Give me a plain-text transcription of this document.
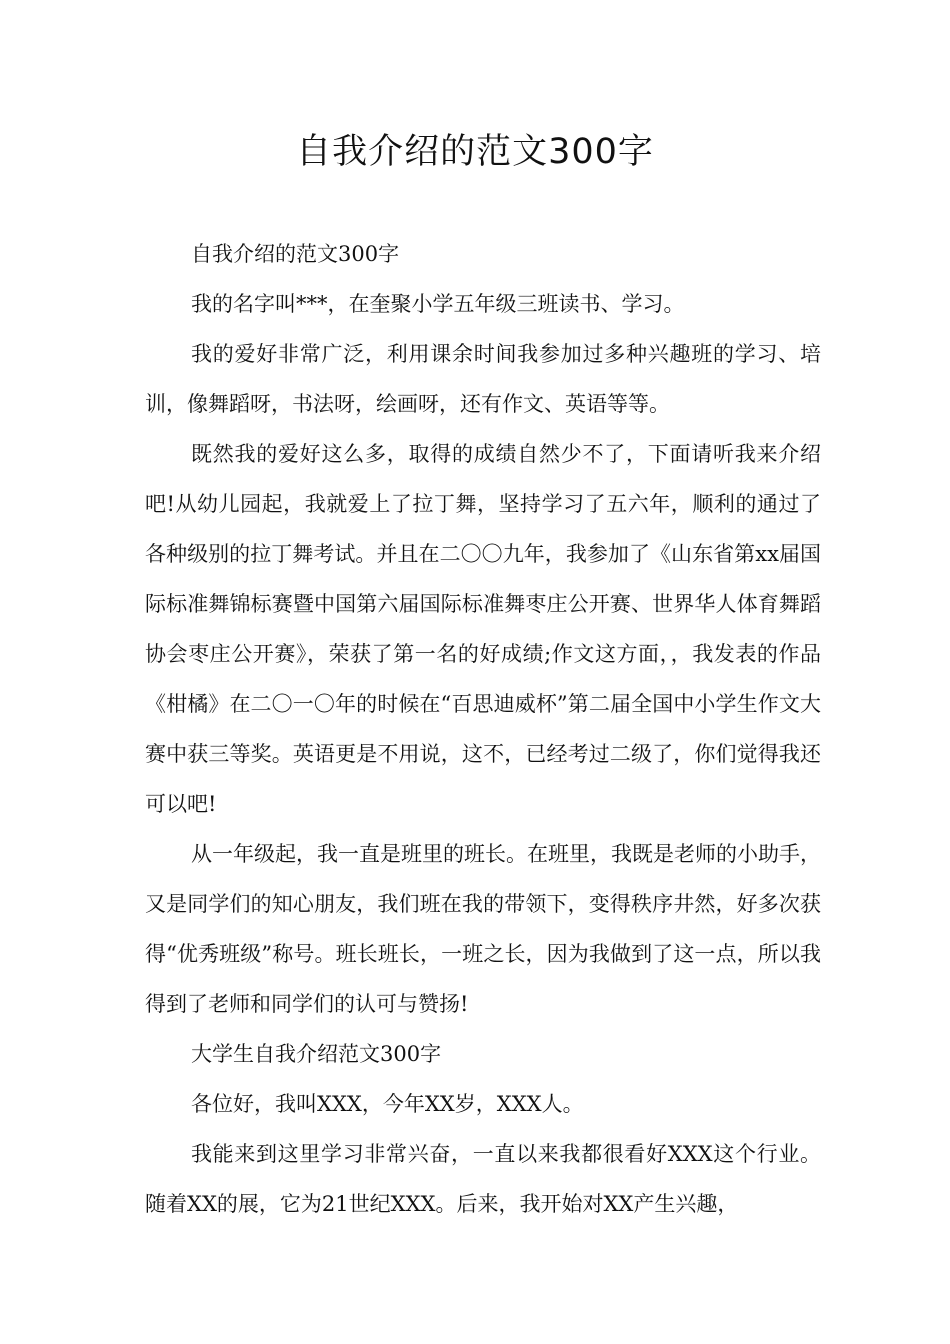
自我介绍的范文300字

自我介绍的范文300字

我的名字叫***，在奎聚小学五年级三班读书、学习。

我的爱好非常广泛，利用课余时间我参加过多种兴趣班的学习、培训，像舞蹈呀，书法呀，绘画呀，还有作文、英语等等。

既然我的爱好这么多，取得的成绩自然少不了，下面请听我来介绍吧!从幼儿园起，我就爱上了拉丁舞，坚持学习了五六年，顺利的通过了各种级别的拉丁舞考试。并且在二〇〇九年，我参加了《山东省第xx届国际标准舞锦标赛暨中国第六届国际标准舞枣庄公开赛、世界华人体育舞蹈协会枣庄公开赛》，荣获了第一名的好成绩;作文这方面，，我发表的作品《柑橘》在二〇一〇年的时候在“百思迪威杯”第二届全国中小学生作文大赛中获三等奖。英语更是不用说，这不，已经考过二级了，你们觉得我还可以吧!

从一年级起，我一直是班里的班长。在班里，我既是老师的小助手，又是同学们的知心朋友，我们班在我的带领下，变得秩序井然，好多次获得“优秀班级”称号。班长班长，一班之长，因为我做到了这一点，所以我得到了老师和同学们的认可与赞扬!

大学生自我介绍范文300字

各位好，我叫XXX，今年XX岁，XXX人。

我能来到这里学习非常兴奋，一直以来我都很看好XXX这个行业。随着XX的展，它为21世纪XXX。后来，我开始对XX产生兴趣，
